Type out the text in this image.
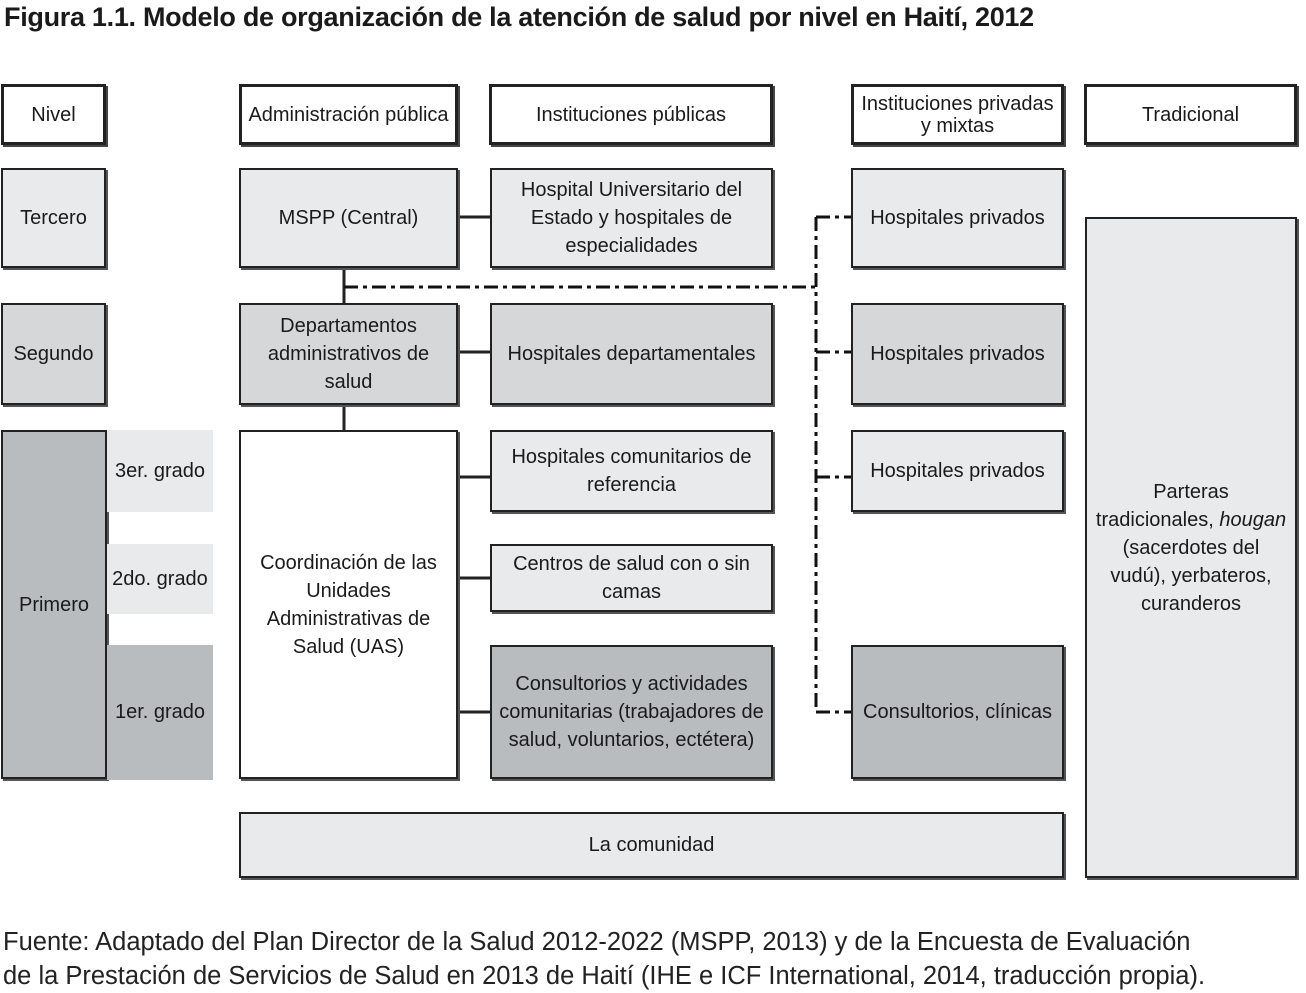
Figura 1.1. Modelo de organización de la atención de salud por nivel en Haití, 2012
Nivel	Administración pública	Instituciones públicas	Instituciones privadas
y mixtas	Tradicional
Tercero
Segundo
Primero
3er. grado
2do. grado
1er. grado
MSPP (Central)
Departamentos administrativos de salud
Coordinación de las Unidades Administrativas de Salud (UAS)
Hospital Universitario del Estado y hospitales de especialidades
Hospitales departamentales
Hospitales comunitarios de referencia
Centros de salud con o sin camas
Consultorios y actividades comunitarias (trabajadores de salud, voluntarios, ectétera)
Hospitales privados
Hospitales privados
Hospitales privados
Consultorios, clínicas
Parteras tradicionales, hougan (sacerdotes del vudú), yerbateros, curanderos
La comunidad
Fuente: Adaptado del Plan Director de la Salud 2012-2022 (MSPP, 2013) y de la Encuesta de Evaluación
de la Prestación de Servicios de Salud en 2013 de Haití (IHE e ICF International, 2014, traducción propia).
